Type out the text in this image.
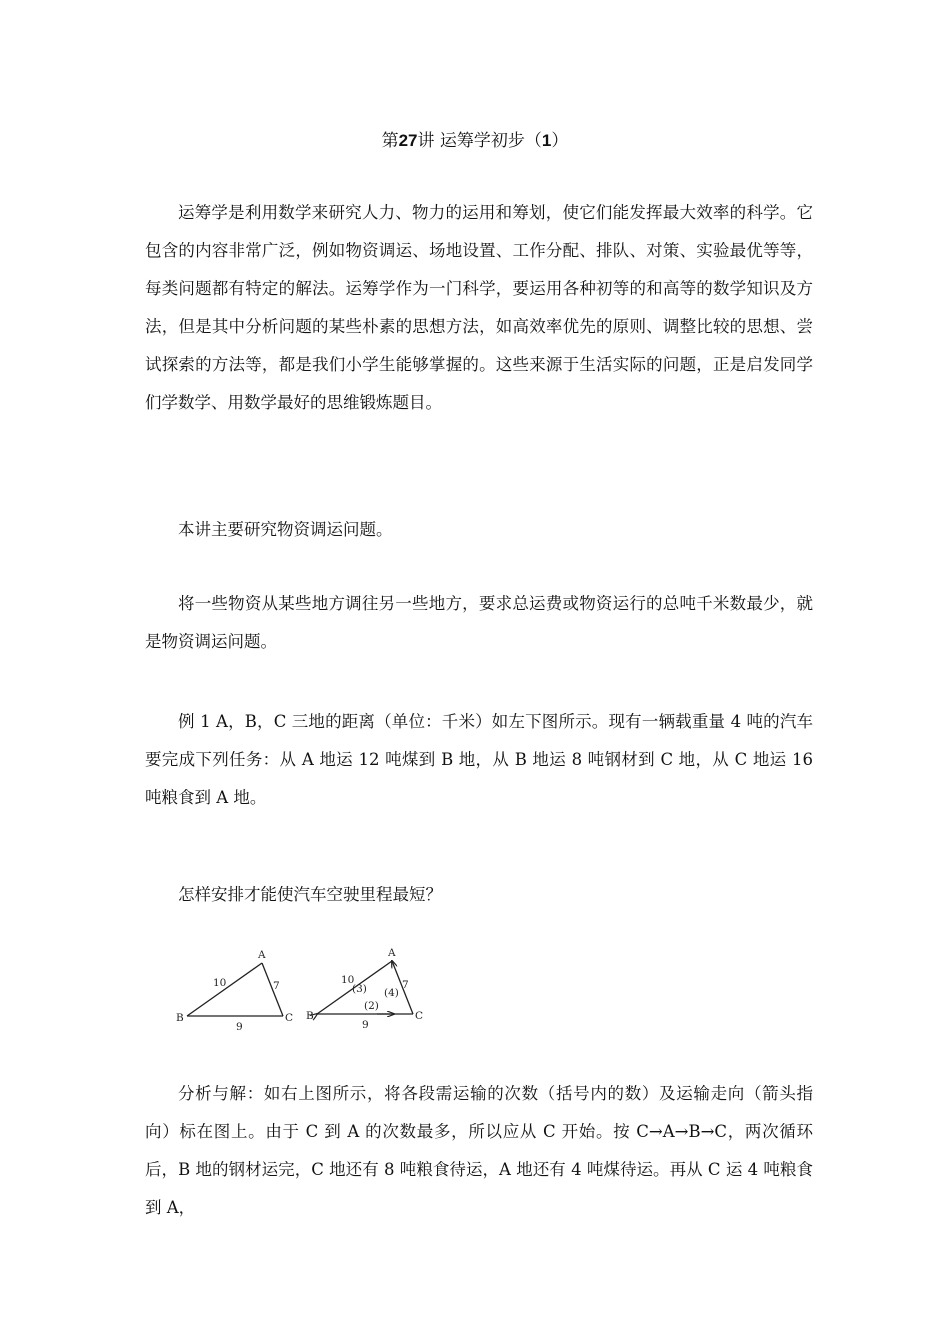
第27讲 运筹学初步（1）

运筹学是利用数学来研究人力、物力的运用和筹划，使它们能发挥最大效率的科学。它包含的内容非常广泛，例如物资调运、场地设置、工作分配、排队、对策、实验最优等等，每类问题都有特定的解法。运筹学作为一门科学，要运用各种初等的和高等的数学知识及方法，但是其中分析问题的某些朴素的思想方法，如高效率优先的原则、调整比较的思想、尝试探索的方法等，都是我们小学生能够掌握的。这些来源于生活实际的问题，正是启发同学们学数学、用数学最好的思维锻炼题目。

本讲主要研究物资调运问题。

将一些物资从某些地方调往另一些地方，要求总运费或物资运行的总吨千米数最少，就是物资调运问题。

例 1 A，B，C 三地的距离（单位：千米）如左下图所示。现有一辆载重量 4 吨的汽车要完成下列任务：从 A 地运 12 吨煤到 B 地，从 B 地运 8 吨钢材到 C 地，从 C 地运 16 吨粮食到 A 地。

怎样安排才能使汽车空驶里程最短？

A
B	C
10	7
9
A
B	C
10
(3) (4)
7
(2)
9

分析与解：如右上图所示，将各段需运输的次数（括号内的数）及运输走向（箭头指向）标在图上。由于 C 到 A 的次数最多，所以应从 C 开始。按 C→A→B→C，两次循环后，B 地的钢材运完，C 地还有 8 吨粮食待运，A 地还有 4 吨煤待运。再从 C 运 4 吨粮食到 A，
